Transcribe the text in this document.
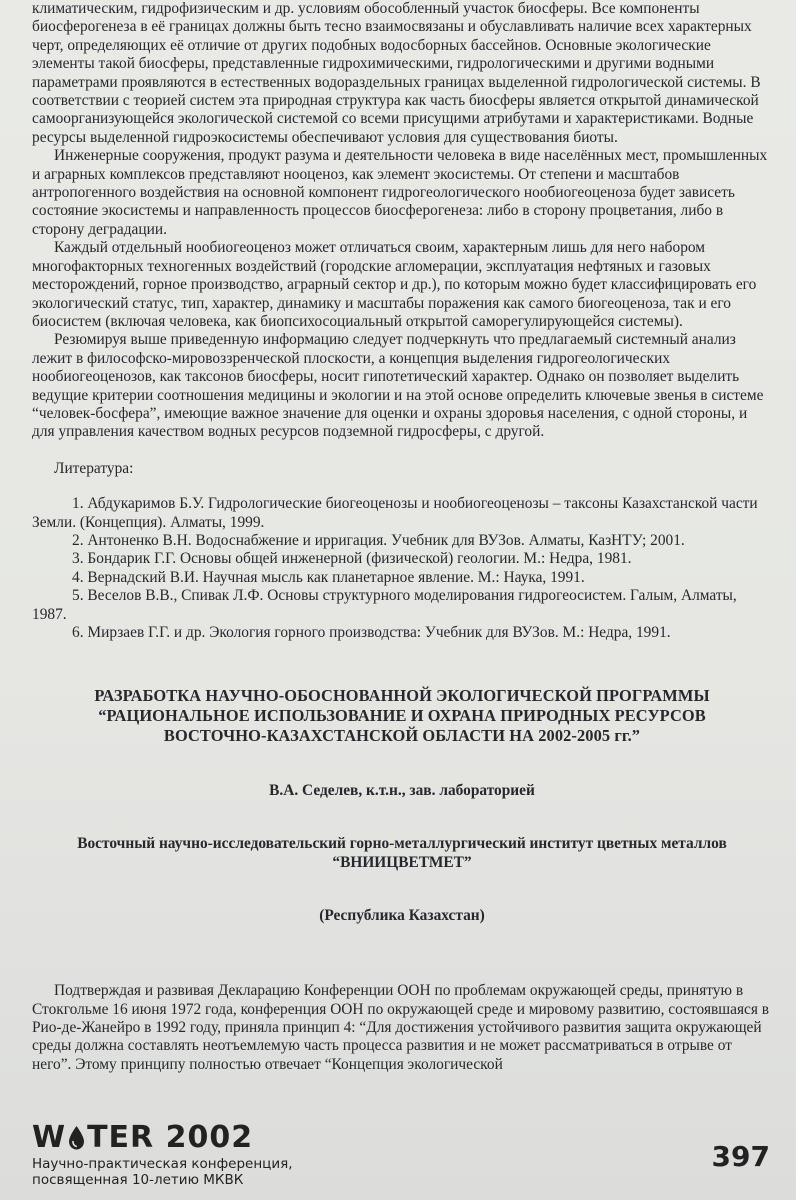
климатическим, гидрофизическим и др. условиям обособленный участок биосферы. Все компоненты биосферогенеза в её границах должны быть тесно взаимосвязаны и обуславливать наличие всех характерных черт, определяющих её отличие от других подобных водосборных бассейнов. Основные экологические элементы такой биосферы, представленные гидрохимическими, гидрологическими и другими водными параметрами проявляются в естественных водораздельных границах выделенной гидрологической системы. В соответствии с теорией систем эта природная структура как часть биосферы является открытой динамической самоорганизующейся экологической системой со всеми присущими атрибутами и характеристиками. Водные ресурсы выделенной гидроэкосистемы обеспечивают условия для существования биоты.

Инженерные сооружения, продукт разума и деятельности человека в виде населённых мест, промышленных и аграрных комплексов представляют нооценоз, как элемент экосистемы. От степени и масштабов антропогенного воздействия на основной компонент гидрогеологического нообиогеоценоза будет зависеть состояние экосистемы и направленность процессов биосферогенеза: либо в сторону процветания, либо в сторону деградации.

Каждый отдельный нообиогеоценоз может отличаться своим, характерным лишь для него набором многофакторных техногенных воздействий (городские агломерации, эксплуатация нефтяных и газовых месторождений, горное производство, аграрный сектор и др.), по которым можно будет классифицировать его экологический статус, тип, характер, динамику и масштабы поражения как самого биогеоценоза, так и его биосистем (включая человека, как биопсихосоциальный открытой саморегулирующейся системы).

Резюмируя выше приведенную информацию следует подчеркнуть что предлагаемый системный анализ лежит в философско-мировоззренческой плоскости, а концепция выделения гидрогеологических нообиогеоценозов, как таксонов биосферы, носит гипотетический характер. Однако он позволяет выделить ведущие критерии соотношения медицины и экологии и на этой основе определить ключевые звенья в системе “человек-босфера”, имеющие важное значение для оценки и охраны здоровья населения, с одной стороны, и для управления качеством водных ресурсов подземной гидросферы, с другой.

Литература:
1. Абдукаримов Б.У. Гидрологические биогеоценозы и нообиогеоценозы – таксоны Казахстанской части Земли. (Концепция). Алматы, 1999.
2. Антоненко В.Н. Водоснабжение и ирригация. Учебник для ВУЗов. Алматы, КазНТУ; 2001.
3. Бондарик Г.Г. Основы общей инженерной (физической) геологии. М.: Недра, 1981.
4. Вернадский В.И. Научная мысль как планетарное явление. М.: Наука, 1991.
5. Веселов В.В., Спивак Л.Ф. Основы структурного моделирования гидрогеосистем. Галым, Алматы, 1987.
6. Мирзаев Г.Г. и др. Экология горного производства: Учебник для ВУЗов. М.: Недра, 1991.
РАЗРАБОТКА НАУЧНО-ОБОСНОВАННОЙ ЭКОЛОГИЧЕСКОЙ ПРОГРАММЫ
“РАЦИОНАЛЬНОЕ ИСПОЛЬЗОВАНИЕ И ОХРАНА ПРИРОДНЫХ РЕСУРСОВ
ВОСТОЧНО-КАЗАХСТАНСКОЙ ОБЛАСТИ НА 2002-2005 гг.”
В.А. Седелев, к.т.н., зав. лабораторией
Восточный научно-исследовательский горно-металлургический институт цветных металлов
“ВНИИЦВЕТМЕТ”
(Республика Казахстан)

Подтверждая и развивая Декларацию Конференции ООН по проблемам окружающей среды, принятую в Стокгольме 16 июня 1972 года, конференция ООН по окружающей среде и мировому развитию, состоявшаяся в Рио-де-Жанейро в 1992 году, приняла принцип 4: “Для достижения устойчивого развития защита окружающей среды должна составлять неотъемлемую часть процесса развития и не может рассматриваться в отрыве от него”. Этому принципу полностью отвечает “Концепция экологической

W TER 2002
Научно-практическая конференция,
посвященная 10-летию МКВК
397
